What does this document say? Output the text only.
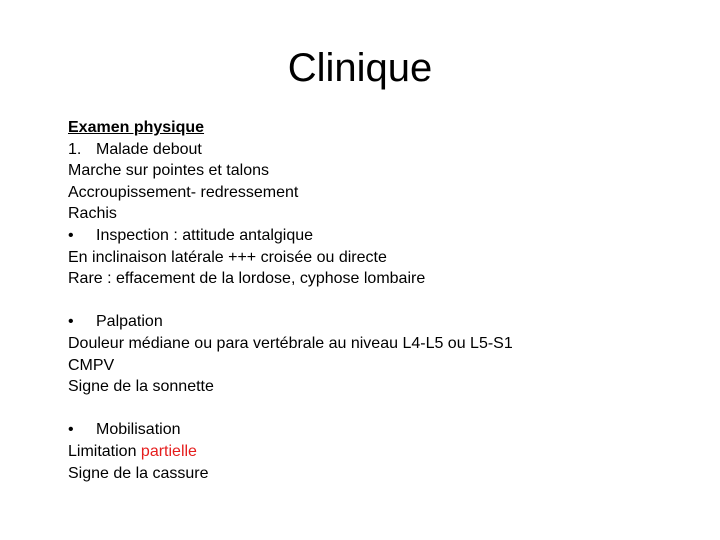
Clinique
Examen physique
1. Malade debout
Marche sur pointes et talons
Accroupissement- redressement
Rachis
• Inspection : attitude antalgique
En inclinaison latérale +++ croisée ou directe
Rare : effacement de la lordose, cyphose lombaire
• Palpation
Douleur médiane ou para vertébrale au niveau L4-L5 ou L5-S1
CMPV
Signe de la sonnette
• Mobilisation
Limitation partielle
Signe de la cassure
